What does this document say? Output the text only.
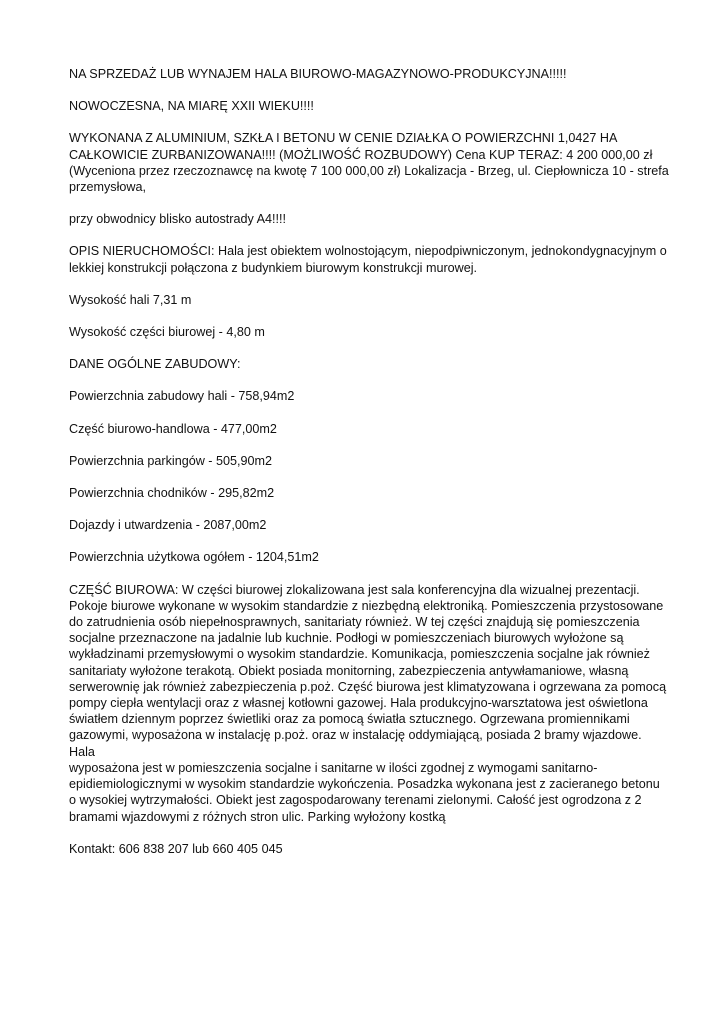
NA SPRZEDAŻ LUB WYNAJEM HALA BIUROWO-MAGAZYNOWO-PRODUKCYJNA!!!!!

NOWOCZESNA, NA MIARĘ XXII WIEKU!!!!

WYKONANA Z ALUMINIUM, SZKŁA I BETONU W CENIE DZIAŁKA O POWIERZCHNI 1,0427 HA CAŁKOWICIE ZURBANIZOWANA!!!! (MOŻLIWOŚĆ ROZBUDOWY) Cena KUP TERAZ: 4 200 000,00 zł (Wyceniona przez rzeczoznawcę na kwotę 7 100 000,00 zł) Lokalizacja - Brzeg, ul. Ciepłownicza 10 - strefa przemysłowa,

przy obwodnicy blisko autostrady A4!!!!

OPIS NIERUCHOMOŚCI: Hala jest obiektem wolnostojącym, niepodpiwniczonym, jednokondygnacyjnym o lekkiej konstrukcji połączona z budynkiem biurowym konstrukcji murowej.

Wysokość hali 7,31 m

Wysokość części biurowej - 4,80 m

DANE OGÓLNE ZABUDOWY:

Powierzchnia zabudowy hali - 758,94m2

Część biurowo-handlowa - 477,00m2

Powierzchnia parkingów - 505,90m2

Powierzchnia chodników - 295,82m2

Dojazdy i utwardzenia - 2087,00m2

Powierzchnia użytkowa ogółem - 1204,51m2

CZĘŚĆ BIUROWA: W części biurowej zlokalizowana jest sala konferencyjna dla wizualnej prezentacji. Pokoje biurowe wykonane w wysokim standardzie z niezbędną elektroniką. Pomieszczenia przystosowane do zatrudnienia osób niepełnosprawnych, sanitariaty również. W tej części znajdują się pomieszczenia socjalne przeznaczone na jadalnie lub kuchnie. Podłogi w pomieszczeniach biurowych wyłożone są wykładzinami przemysłowymi o wysokim standardzie. Komunikacja, pomieszczenia socjalne jak również

sanitariaty wyłożone terakotą. Obiekt posiada monitorning, zabezpieczenia antywłamaniowe, własną serwerownię jak również zabezpieczenia p.poż. Część biurowa jest klimatyzowana i ogrzewana za pomocą pompy ciepła wentylacji oraz z własnej kotłowni gazowej. Hala produkcyjno-warsztatowa jest oświetlona światłem dziennym poprzez świetliki oraz za pomocą światła sztucznego. Ogrzewana promiennikami gazowymi, wyposażona w instalację p.poż. oraz w instalację oddymiającą, posiada 2 bramy wjazdowe. Hala

wyposażona jest w pomieszczenia socjalne i sanitarne w ilości zgodnej z wymogami sanitarno-epidiemiologicznymi w wysokim standardzie wykończenia. Posadzka wykonana jest z zacieranego betonu o wysokiej wytrzymałości. Obiekt jest zagospodarowany terenami zielonymi. Całość jest ogrodzona z 2 bramami wjazdowymi z różnych stron ulic. Parking wyłożony kostką

Kontakt: 606 838 207 lub 660 405 045
